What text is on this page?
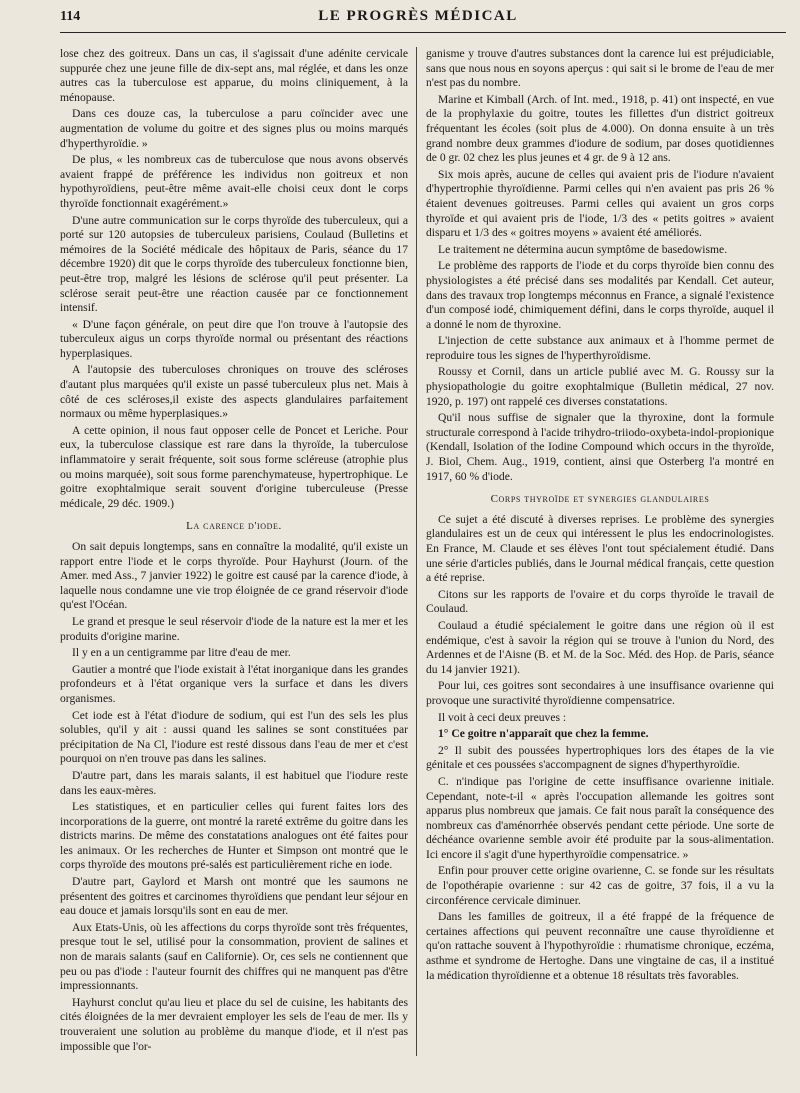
114	LE PROGRÈS MÉDICAL

lose chez des goitreux. Dans un cas, il s'agissait d'une adénite cervicale suppurée chez une jeune fille de dix-sept ans, mal réglée, et dans les onze autres cas la tuberculose est apparue, du moins cliniquement, à la ménopause.

Dans ces douze cas, la tuberculose a paru coïncider avec une augmentation de volume du goitre et des signes plus ou moins marqués d'hyperthyroïdie. »

De plus, « les nombreux cas de tuberculose que nous avons observés avaient frappé de préférence les individus non goitreux et non hypothyroïdiens, peut-être même avait-elle choisi ceux dont le corps thyroïde fonctionnait exagérément.»

D'une autre communication sur le corps thyroïde des tuberculeux, qui a porté sur 120 autopsies de tuberculeux parisiens, Coulaud (Bulletins et mémoires de la Société médicale des hôpitaux de Paris, séance du 17 décembre 1920) dit que le corps thyroïde des tuberculeux fonctionne bien, peut-être trop, malgré les lésions de sclérose qu'il peut présenter. La sclérose serait peut-être une réaction causée par ce fonctionnement intensif.

« D'une façon générale, on peut dire que l'on trouve à l'autopsie des tuberculeux aigus un corps thyroïde normal ou présentant des réactions hyperplasiques.

A l'autopsie des tuberculoses chroniques on trouve des scléroses d'autant plus marquées qu'il existe un passé tuberculeux plus net. Mais à côté de ces scléroses,il existe des aspects glandulaires parfaitement normaux ou même hyperplasiques.»

A cette opinion, il nous faut opposer celle de Poncet et Leriche. Pour eux, la tuberculose classique est rare dans la thyroïde, la tuberculose inflammatoire y serait fréquente, soit sous forme scléreuse (atrophie plus ou moins marquée), soit sous forme parenchymateuse, hypertrophique. Le goitre exophtalmique serait souvent d'origine tuberculeuse (Presse médicale, 29 déc. 1909.)

La carence d'iode.

On sait depuis longtemps, sans en connaître la modalité, qu'il existe un rapport entre l'iode et le corps thyroïde. Pour Hayhurst (Journ. of the Amer. med Ass., 7 janvier 1922) le goitre est causé par la carence d'iode, à laquelle nous condamne une vie trop éloignée de ce grand réservoir d'iode qu'est l'Océan.

Le grand et presque le seul réservoir d'iode de la nature est la mer et les produits d'origine marine.

Il y en a un centigramme par litre d'eau de mer.

Gautier a montré que l'iode existait à l'état inorganique dans les grandes profondeurs et à l'état organique vers la surface et dans les divers organismes.

Cet iode est à l'état d'iodure de sodium, qui est l'un des sels les plus solubles, qu'il y ait : aussi quand les salines se sont constituées par précipitation de Na Cl, l'iodure est resté dissous dans l'eau de mer et c'est pourquoi on n'en trouve pas dans les salines.

D'autre part, dans les marais salants, il est habituel que l'iodure reste dans les eaux-mères.

Les statistiques, et en particulier celles qui furent faites lors des incorporations de la guerre, ont montré la rareté extrême du goitre dans les districts marins. De même des constatations analogues ont été faites pour les animaux. Or les recherches de Hunter et Simpson ont montré que le corps thyroïde des moutons pré-salés est particulièrement riche en iode.

D'autre part, Gaylord et Marsh ont montré que les saumons ne présentent des goitres et carcinomes thyroïdiens que pendant leur séjour en eau douce et jamais lorsqu'ils sont en eau de mer.

Aux Etats-Unis, où les affections du corps thyroïde sont très fréquentes, presque tout le sel, utilisé pour la consommation, provient de salines et non de marais salants (sauf en Californie). Or, ces sels ne contiennent que peu ou pas d'iode : l'auteur fournit des chiffres qui ne manquent pas d'être impressionnants.

Hayhurst conclut qu'au lieu et place du sel de cuisine, les habitants des cités éloignées de la mer devraient employer les sels de l'eau de mer. Ils y trouveraient une solution au problème du manque d'iode, et il n'est pas impossible que l'or-

ganisme y trouve d'autres substances dont la carence lui est préjudiciable, sans que nous nous en soyons aperçus : qui sait si le brome de l'eau de mer n'est pas du nombre.

Marine et Kimball (Arch. of Int. med., 1918, p. 41) ont inspecté, en vue de la prophylaxie du goitre, toutes les fillettes d'un district goitreux fréquentant les écoles (soit plus de 4.000). On donna ensuite à un très grand nombre deux grammes d'iodure de sodium, par doses quotidiennes de 0 gr. 02 chez les plus jeunes et 4 gr. de 9 à 12 ans.

Six mois après, aucune de celles qui avaient pris de l'iodure n'avaient d'hypertrophie thyroïdienne. Parmi celles qui n'en avaient pas pris 26 % étaient devenues goitreuses. Parmi celles qui avaient un gros corps thyroïde et qui avaient pris de l'iode, 1/3 des « petits goitres » avaient disparu et 1/3 des « goitres moyens » avaient été améliorés.

Le traitement ne détermina aucun symptôme de basedowisme.

Le problème des rapports de l'iode et du corps thyroïde bien connu des physiologistes a été précisé dans ses modalités par Kendall. Cet auteur, dans des travaux trop longtemps méconnus en France, a signalé l'existence d'un composé iodé, chimiquement défini, dans le corps thyroïde, auquel il a donné le nom de thyroxine.

L'injection de cette substance aux animaux et à l'homme permet de reproduire tous les signes de l'hyperthyroïdisme.

Roussy et Cornil, dans un article publié avec M. G. Roussy sur la physiopathologie du goitre exophtalmique (Bulletin médical, 27 nov. 1920, p. 197) ont rappelé ces diverses constatations.

Qu'il nous suffise de signaler que la thyroxine, dont la formule structurale correspond à l'acide trihydro-triiodo-oxybeta-indol-propionique (Kendall, Isolation of the Iodine Compound which occurs in the thyroïde, J. Biol, Chem. Aug., 1919, contient, ainsi que Osterberg l'a montré en 1917, 60 % d'iode.

Corps thyroïde et synergies glandulaires

Ce sujet a été discuté à diverses reprises. Le problème des synergies glandulaires est un de ceux qui intéressent le plus les endocrinologistes. En France, M. Claude et ses élèves l'ont tout spécialement étudié. Dans une série d'articles publiés, dans le Journal médical français, cette question a été reprise.

Citons sur les rapports de l'ovaire et du corps thyroïde le travail de Coulaud.

Coulaud a étudié spécialement le goitre dans une région où il est endémique, c'est à savoir la région qui se trouve à l'union du Nord, des Ardennes et de l'Aisne (B. et M. de la Soc. Méd. des Hop. de Paris, séance du 14 janvier 1921).

Pour lui, ces goitres sont secondaires à une insuffisance ovarienne qui provoque une suractivité thyroïdienne compensatrice.

Il voit à ceci deux preuves :

1° Ce goitre n'apparaît que chez la femme.

2° Il subit des poussées hypertrophiques lors des étapes de la vie génitale et ces poussées s'accompagnent de signes d'hyperthyroïdie.

C. n'indique pas l'origine de cette insuffisance ovarienne initiale. Cependant, note-t-il « après l'occupation allemande les goitres sont apparus plus nombreux que jamais. Ce fait nous paraît la conséquence des nombreux cas d'aménorrhée observés pendant cette période. Une sorte de déchéance ovarienne semble avoir été produite par la sous-alimentation. Ici encore il s'agit d'une hyperthyroïdie compensatrice. »

Enfin pour prouver cette origine ovarienne, C. se fonde sur les résultats de l'opothérapie ovarienne : sur 42 cas de goitre, 37 fois, il a vu la circonférence cervicale diminuer.

Dans les familles de goitreux, il a été frappé de la fréquence de certaines affections qui peuvent reconnaître une cause thyroïdienne et qu'on rattache souvent à l'hypothyroïdie : rhumatisme chronique, eczéma, asthme et syndrome de Hertoghe. Dans une vingtaine de cas, il a institué la médication thyroïdienne et a obtenue 18 résultats très favorables.
